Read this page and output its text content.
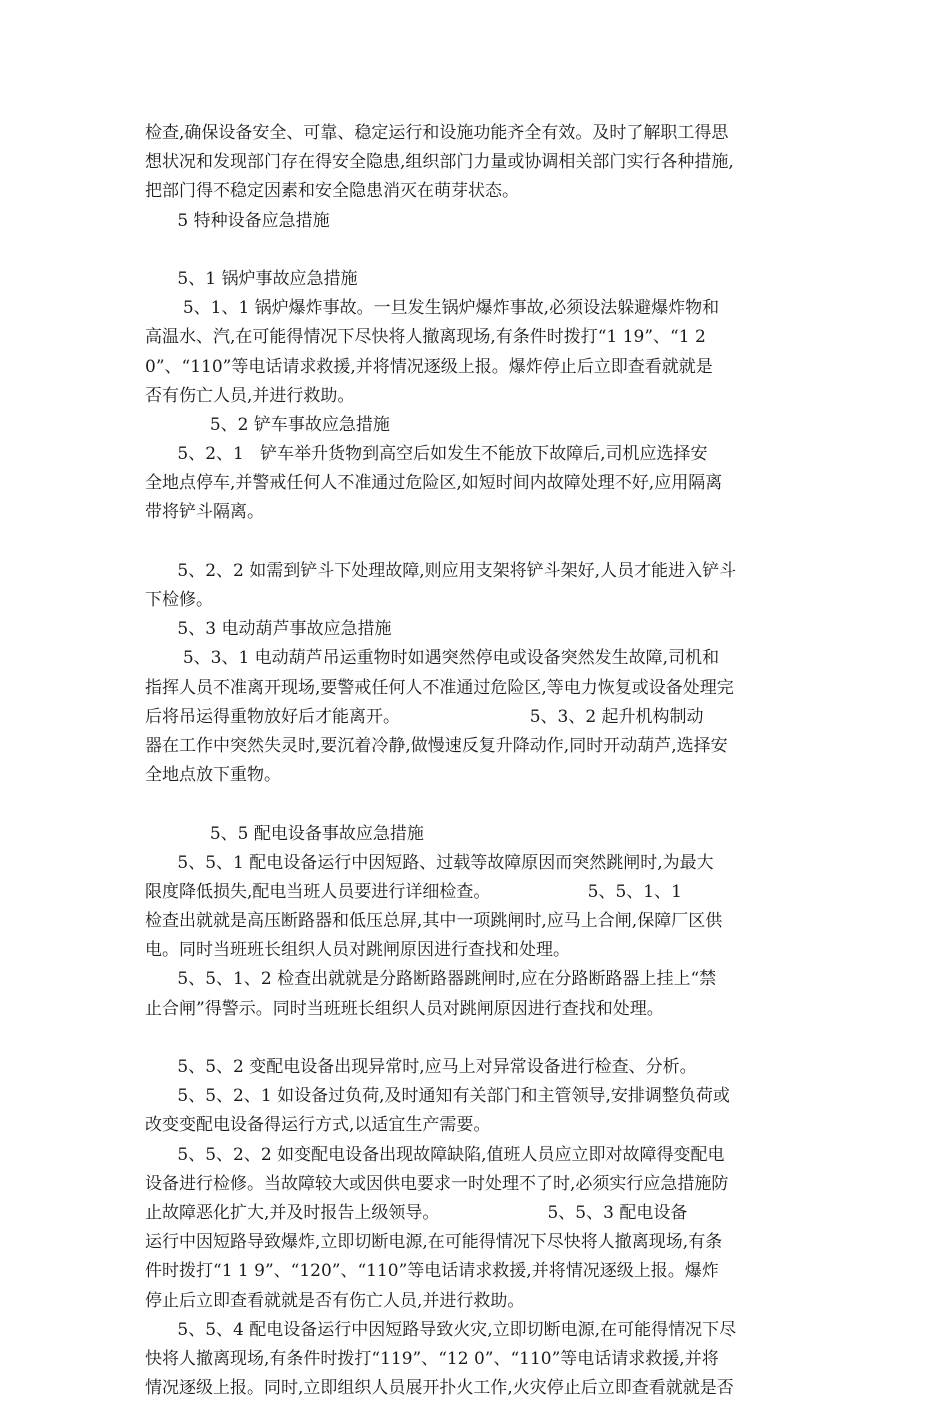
检查,确保设备安全、可靠、稳定运行和设施功能齐全有效。及时了解职工得思
想状况和发现部门存在得安全隐患,组织部门力量或协调相关部门实行各种措施,
把部门得不稳定因素和安全隐患消灭在萌芽状态。
5 特种设备应急措施
5、1 锅炉事故应急措施
5、1、1 锅炉爆炸事故。一旦发生锅炉爆炸事故,必须设法躲避爆炸物和
高温水、汽,在可能得情况下尽快将人撤离现场,有条件时拨打“1 19”、“1 2
0”、“110”等电话请求救援,并将情况逐级上报。爆炸停止后立即查看就就是
否有伤亡人员,并进行救助。
5、2 铲车事故应急措施
5、2、1   铲车举升货物到高空后如发生不能放下故障后,司机应选择安
全地点停车,并警戒任何人不准通过危险区,如短时间内故障处理不好,应用隔离
带将铲斗隔离。
5、2、2 如需到铲斗下处理故障,则应用支架将铲斗架好,人员才能进入铲斗
下检修。
5、3 电动葫芦事故应急措施
5、3、1 电动葫芦吊运重物时如遇突然停电或设备突然发生故障,司机和
指挥人员不准离开现场,要警戒任何人不准通过危险区,等电力恢复或设备处理完
后将吊运得重物放好后才能离开。                        5、3、2 起升机构制动
器在工作中突然失灵时,要沉着冷静,做慢速反复升降动作,同时开动葫芦,选择安
全地点放下重物。
5、5 配电设备事故应急措施
5、5、1 配电设备运行中因短路、过载等故障原因而突然跳闸时,为最大
限度降低损失,配电当班人员要进行详细检查。                  5、5、1、1
检查出就就是高压断路器和低压总屏,其中一项跳闸时,应马上合闸,保障厂区供
电。同时当班班长组织人员对跳闸原因进行查找和处理。
5、5、1、2 检查出就就是分路断路器跳闸时,应在分路断路器上挂上“禁
止合闸”得警示。同时当班班长组织人员对跳闸原因进行查找和处理。
5、5、2 变配电设备出现异常时,应马上对异常设备进行检查、分析。
5、5、2、1 如设备过负荷,及时通知有关部门和主管领导,安排调整负荷或
改变变配电设备得运行方式,以适宜生产需要。
5、5、2、2 如变配电设备出现故障缺陷,值班人员应立即对故障得变配电
设备进行检修。当故障较大或因供电要求一时处理不了时,必须实行应急措施防
止故障恶化扩大,并及时报告上级领导。                    5、5、3 配电设备
运行中因短路导致爆炸,立即切断电源,在可能得情况下尽快将人撤离现场,有条
件时拨打“1 1 9”、“120”、“110”等电话请求救援,并将情况逐级上报。爆炸
停止后立即查看就就是否有伤亡人员,并进行救助。
5、5、4 配电设备运行中因短路导致火灾,立即切断电源,在可能得情况下尽
快将人撤离现场,有条件时拨打“119”、“12 0”、“110”等电话请求救援,并将
情况逐级上报。同时,立即组织人员展开扑火工作,火灾停止后立即查看就就是否
